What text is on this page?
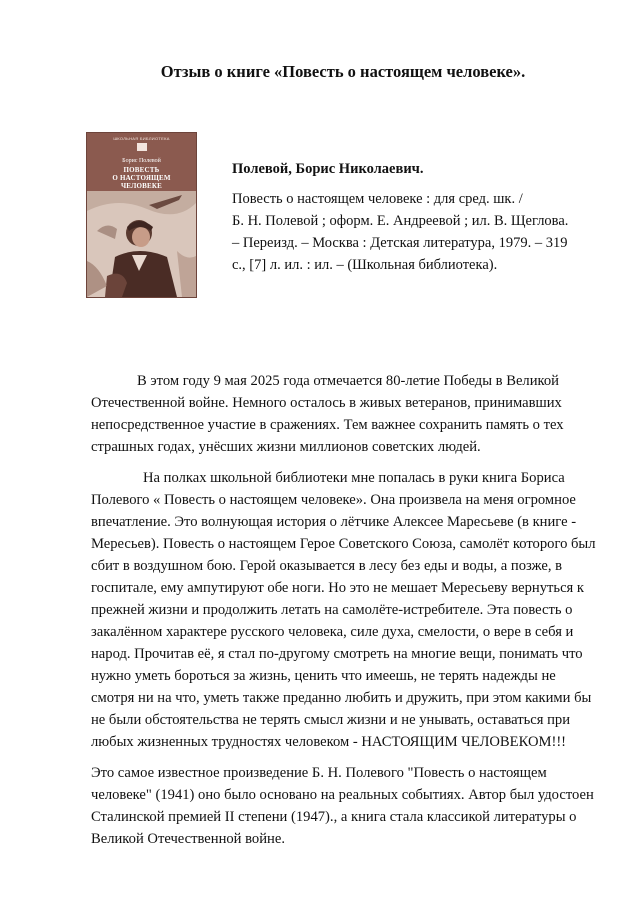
Отзыв о книге «Повесть о настоящем человеке».
ШКОЛЬНАЯ БИБЛИОТЕКА
Борис Полевой
ПОВЕСТЬ
О НАСТОЯЩЕМ
ЧЕЛОВЕКЕ
Полевой, Борис Николаевич.
Повесть о настоящем человеке : для сред. шк. /
Б. Н. Полевой ; оформ. Е. Андреевой ; ил. В. Щеглова.
– Переизд. – Москва : Детская литература, 1979. – 319
с., [7] л. ил. : ил. – (Школьная библиотека).

В этом году 9 мая 2025 года отмечается 80-летие Победы в Великой Отечественной войне. Немного осталось в живых ветеранов, принимавших непосредственное участие в сражениях. Тем важнее сохранить память о тех страшных годах, унёсших жизни миллионов советских людей.

На полках школьной библиотеки мне попалась в руки книга Бориса Полевого « Повесть о настоящем человеке». Она произвела на меня огромное впечатление. Это волнующая история о лётчике Алексее Маресьеве (в книге - Мересьев). Повесть о настоящем Герое Советского Союза, самолёт которого был сбит в воздушном бою. Герой оказывается в лесу без еды и воды, а позже, в госпитале, ему ампутируют обе ноги. Но это не мешает Мересьеву вернуться к прежней жизни и продолжить летать на самолёте-истребителе. Эта повесть о закалённом характере русского человека, силе духа, смелости, о вере в себя и народ. Прочитав её, я стал по-другому смотреть на многие вещи, понимать что нужно уметь бороться за жизнь, ценить что имеешь, не терять надежды не смотря ни на что, уметь также преданно любить и дружить, при этом какими бы не были обстоятельства не терять смысл жизни и не унывать, оставаться при любых жизненных трудностях человеком - НАСТОЯЩИМ ЧЕЛОВЕКОМ!!!

Это самое известное произведение Б. Н. Полевого "Повесть о настоящем человеке" (1941) оно было основано на реальных событиях. Автор был удостоен Сталинской премией II степени (1947)., а книга стала классикой литературы о Великой Отечественной войне.
